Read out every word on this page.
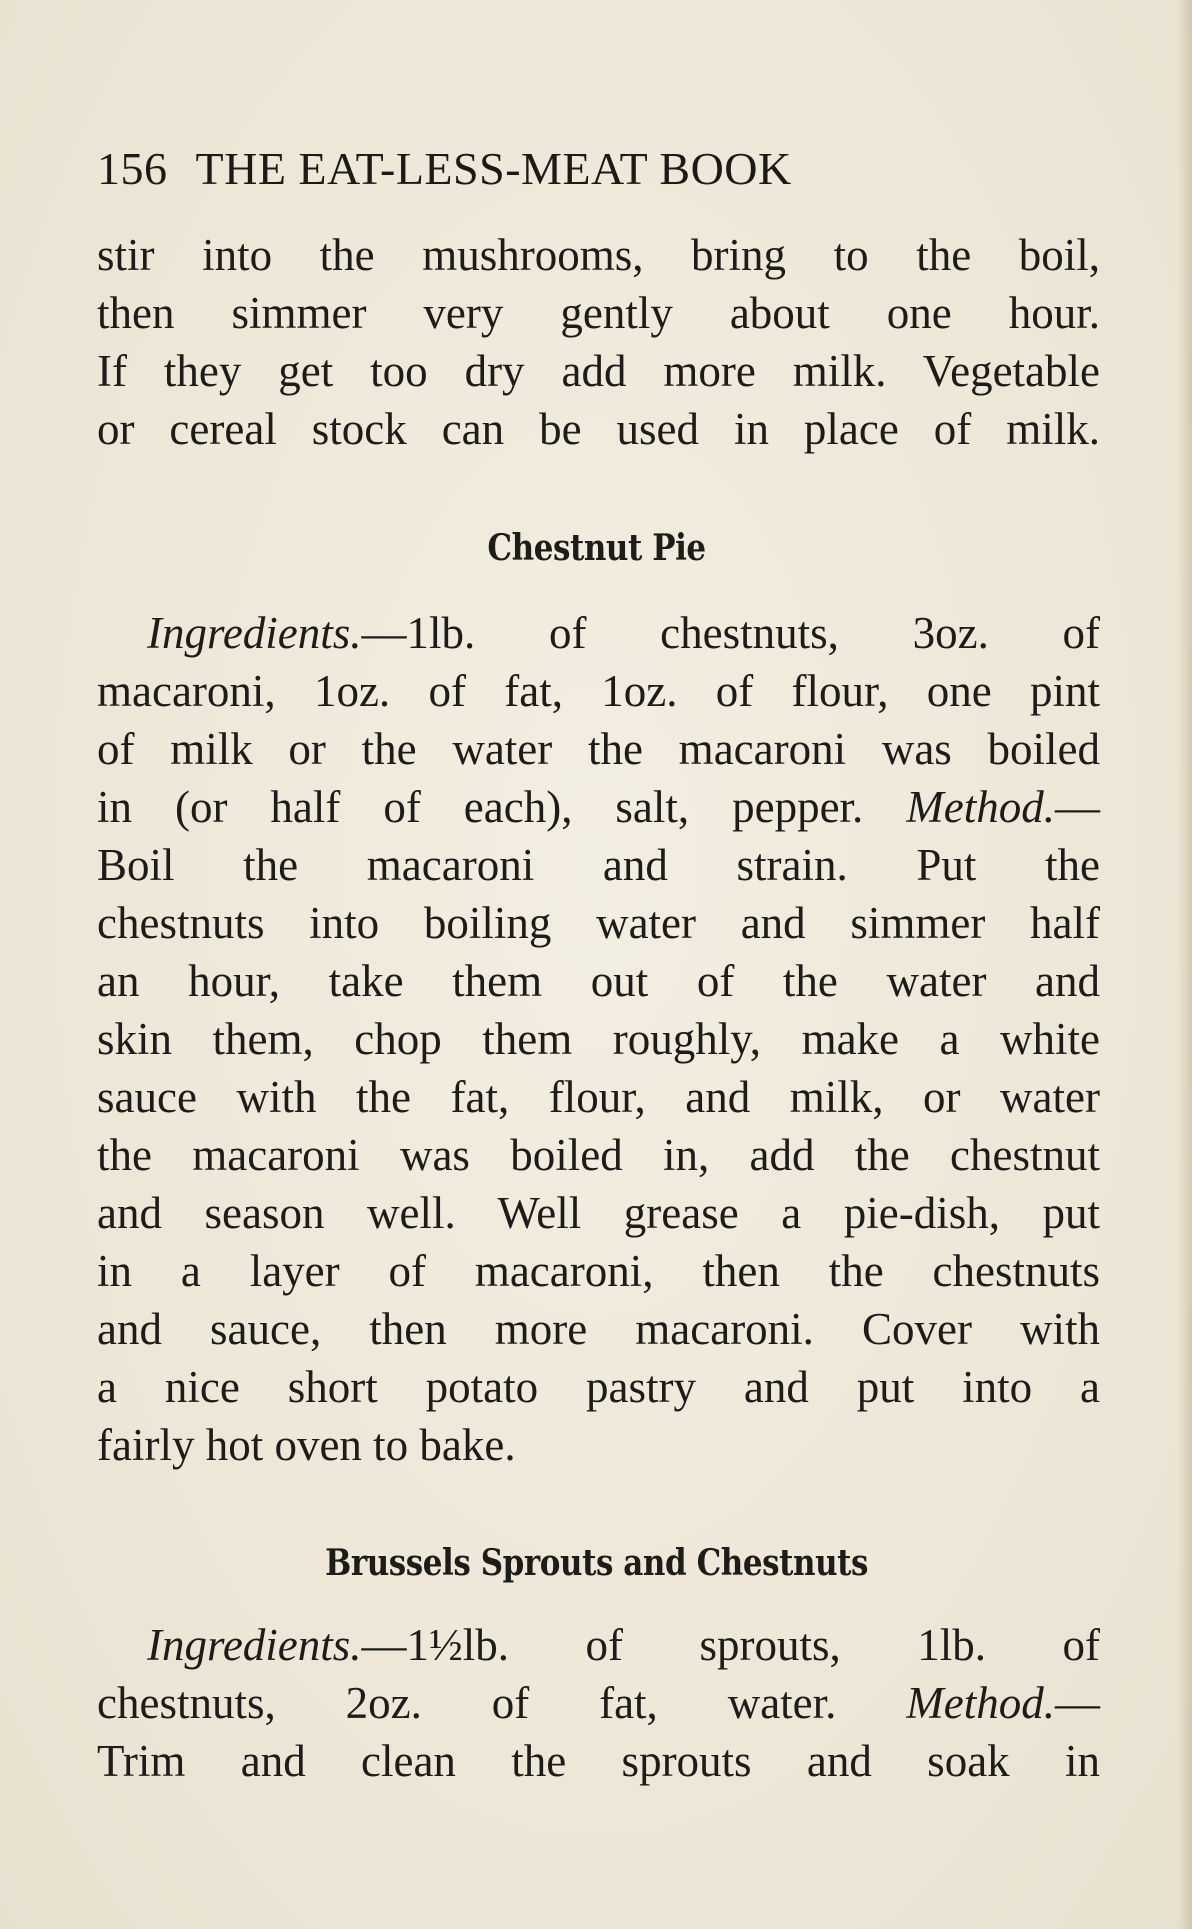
156 THE EAT-LESS-MEAT BOOK
stir into the mushrooms, bring to the boil,
then simmer very gently about one hour.
If they get too dry add more milk. Vegetable
or cereal stock can be used in place of milk.
Chestnut Pie
Ingredients.—1lb. of chestnuts, 3oz. of
macaroni, 1oz. of fat, 1oz. of flour, one pint
of milk or the water the macaroni was boiled
in (or half of each), salt, pepper. Method.—
Boil the macaroni and strain. Put the
chestnuts into boiling water and simmer half
an hour, take them out of the water and
skin them, chop them roughly, make a white
sauce with the fat, flour, and milk, or water
the macaroni was boiled in, add the chestnut
and season well. Well grease a pie-dish, put
in a layer of macaroni, then the chestnuts
and sauce, then more macaroni. Cover with
a nice short potato pastry and put into a
fairly hot oven to bake.
Brussels Sprouts and Chestnuts
Ingredients.—1½lb. of sprouts, 1lb. of
chestnuts, 2oz. of fat, water. Method.—
Trim and clean the sprouts and soak in
